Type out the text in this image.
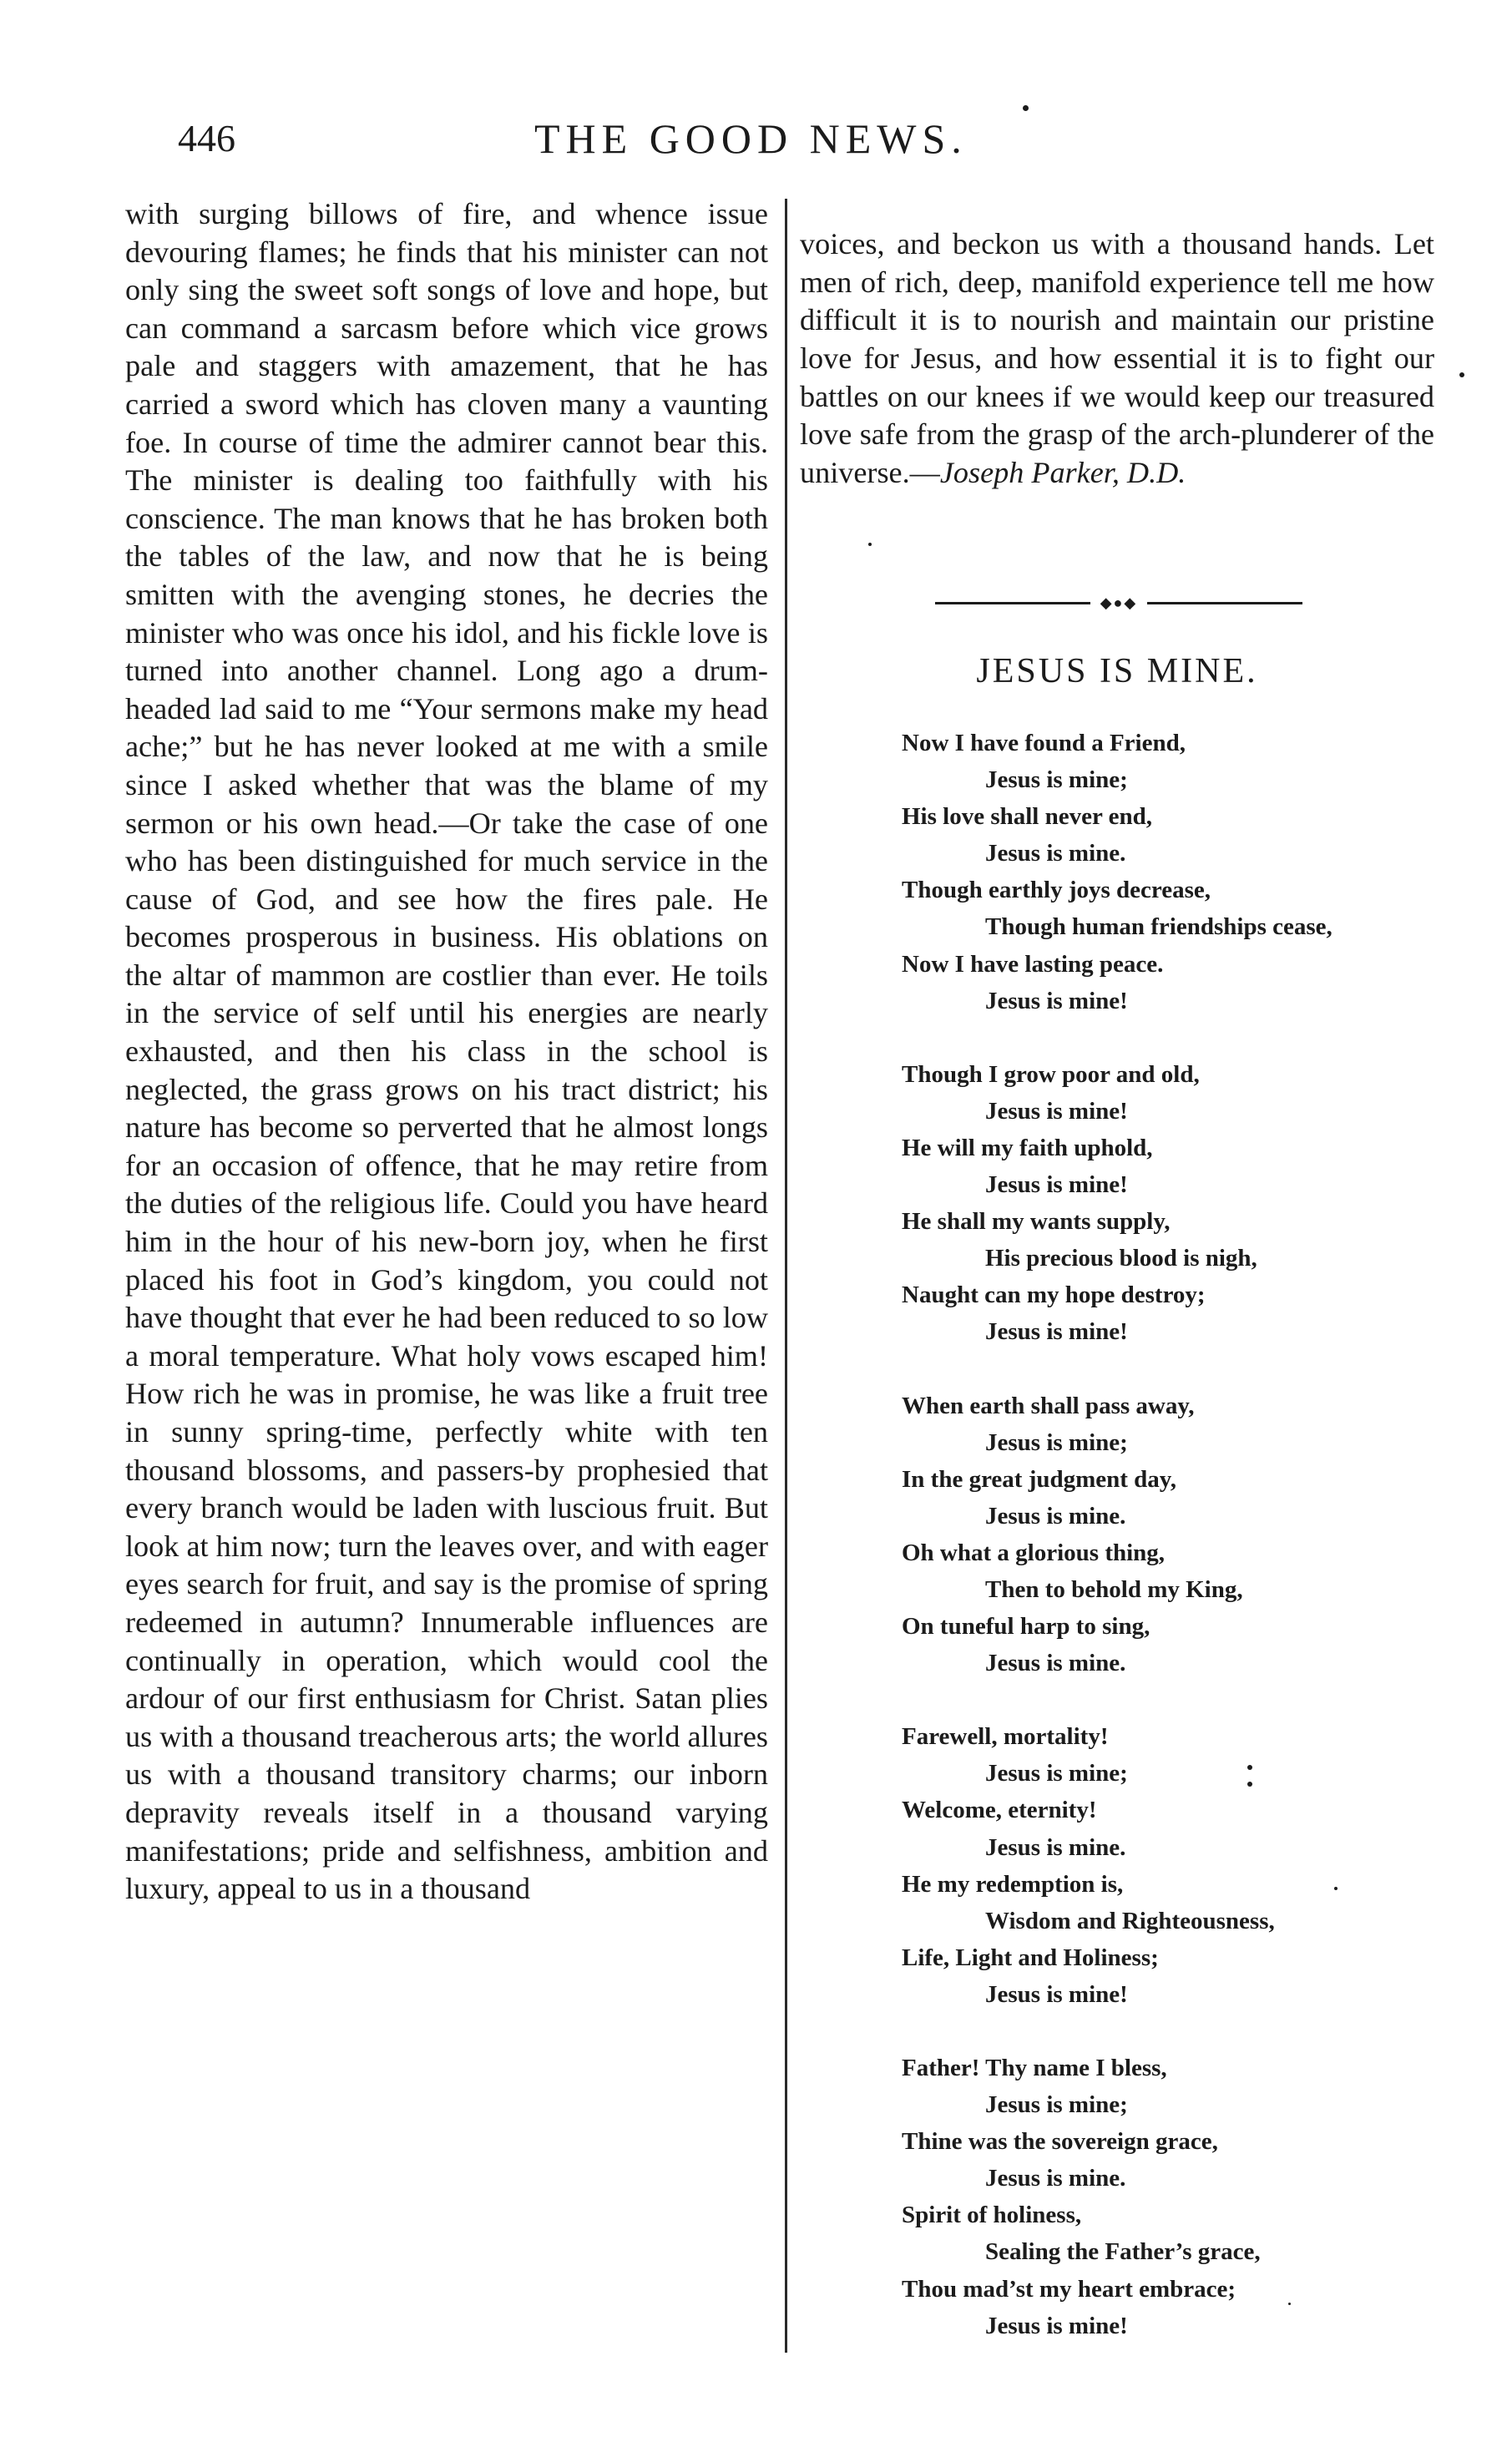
446	THE GOOD NEWS.

with surging billows of fire, and whence issue devouring flames; he finds that his minister can not only sing the sweet soft songs of love and hope, but can command a sarcasm before which vice grows pale and staggers with amazement, that he has carried a sword which has cloven many a vaunting foe. In course of time the admirer cannot bear this. The minister is dealing too faithfully with his conscience. The man knows that he has broken both the tables of the law, and now that he is being smitten with the avenging stones, he decries the minister who was once his idol, and his fickle love is turned into another channel. Long ago a drum-headed lad said to me “Your sermons make my head ache;” but he has never looked at me with a smile since I asked whether that was the blame of my sermon or his own head.—Or take the case of one who has been distinguished for much service in the cause of God, and see how the fires pale. He becomes prosperous in business. His oblations on the altar of mammon are costlier than ever. He toils in the service of self until his energies are nearly exhausted, and then his class in the school is neglected, the grass grows on his tract district; his nature has become so perverted that he almost longs for an occasion of offence, that he may retire from the duties of the religious life. Could you have heard him in the hour of his new-born joy, when he first placed his foot in God’s kingdom, you could not have thought that ever he had been reduced to so low a moral temperature. What holy vows escaped him! How rich he was in promise, he was like a fruit tree in sunny spring-time, perfectly white with ten thousand blossoms, and passers-by prophesied that every branch would be laden with luscious fruit. But look at him now; turn the leaves over, and with eager eyes search for fruit, and say is the promise of spring redeemed in autumn? Innumerable influences are continually in operation, which would cool the ardour of our first enthusiasm for Christ. Satan plies us with a thousand treacherous arts; the world allures us with a thousand transitory charms; our inborn depravity reveals itself in a thousand varying manifestations; pride and selfishness, ambition and luxury, appeal to us in a thousand

voices, and beckon us with a thousand hands. Let men of rich, deep, manifold experience tell me how difficult it is to nourish and maintain our pristine love for Jesus, and how essential it is to fight our battles on our knees if we would keep our treasured love safe from the grasp of the arch-plunderer of the universe.—Joseph Parker, D.D.

◆●◆
JESUS IS MINE.
Now I have found a Friend,
Jesus is mine;
His love shall never end,
Jesus is mine.
Though earthly joys decrease,
Though human friendships cease,
Now I have lasting peace.
Jesus is mine!
Though I grow poor and old,
Jesus is mine!
He will my faith uphold,
Jesus is mine!
He shall my wants supply,
His precious blood is nigh,
Naught can my hope destroy;
Jesus is mine!
When earth shall pass away,
Jesus is mine;
In the great judgment day,
Jesus is mine.
Oh what a glorious thing,
Then to behold my King,
On tuneful harp to sing,
Jesus is mine.
Farewell, mortality!
Jesus is mine;
Welcome, eternity!
Jesus is mine.
He my redemption is,
Wisdom and Righteousness,
Life, Light and Holiness;
Jesus is mine!
Father! Thy name I bless,
Jesus is mine;
Thine was the sovereign grace,
Jesus is mine.
Spirit of holiness,
Sealing the Father’s grace,
Thou mad’st my heart embrace;
Jesus is mine!
